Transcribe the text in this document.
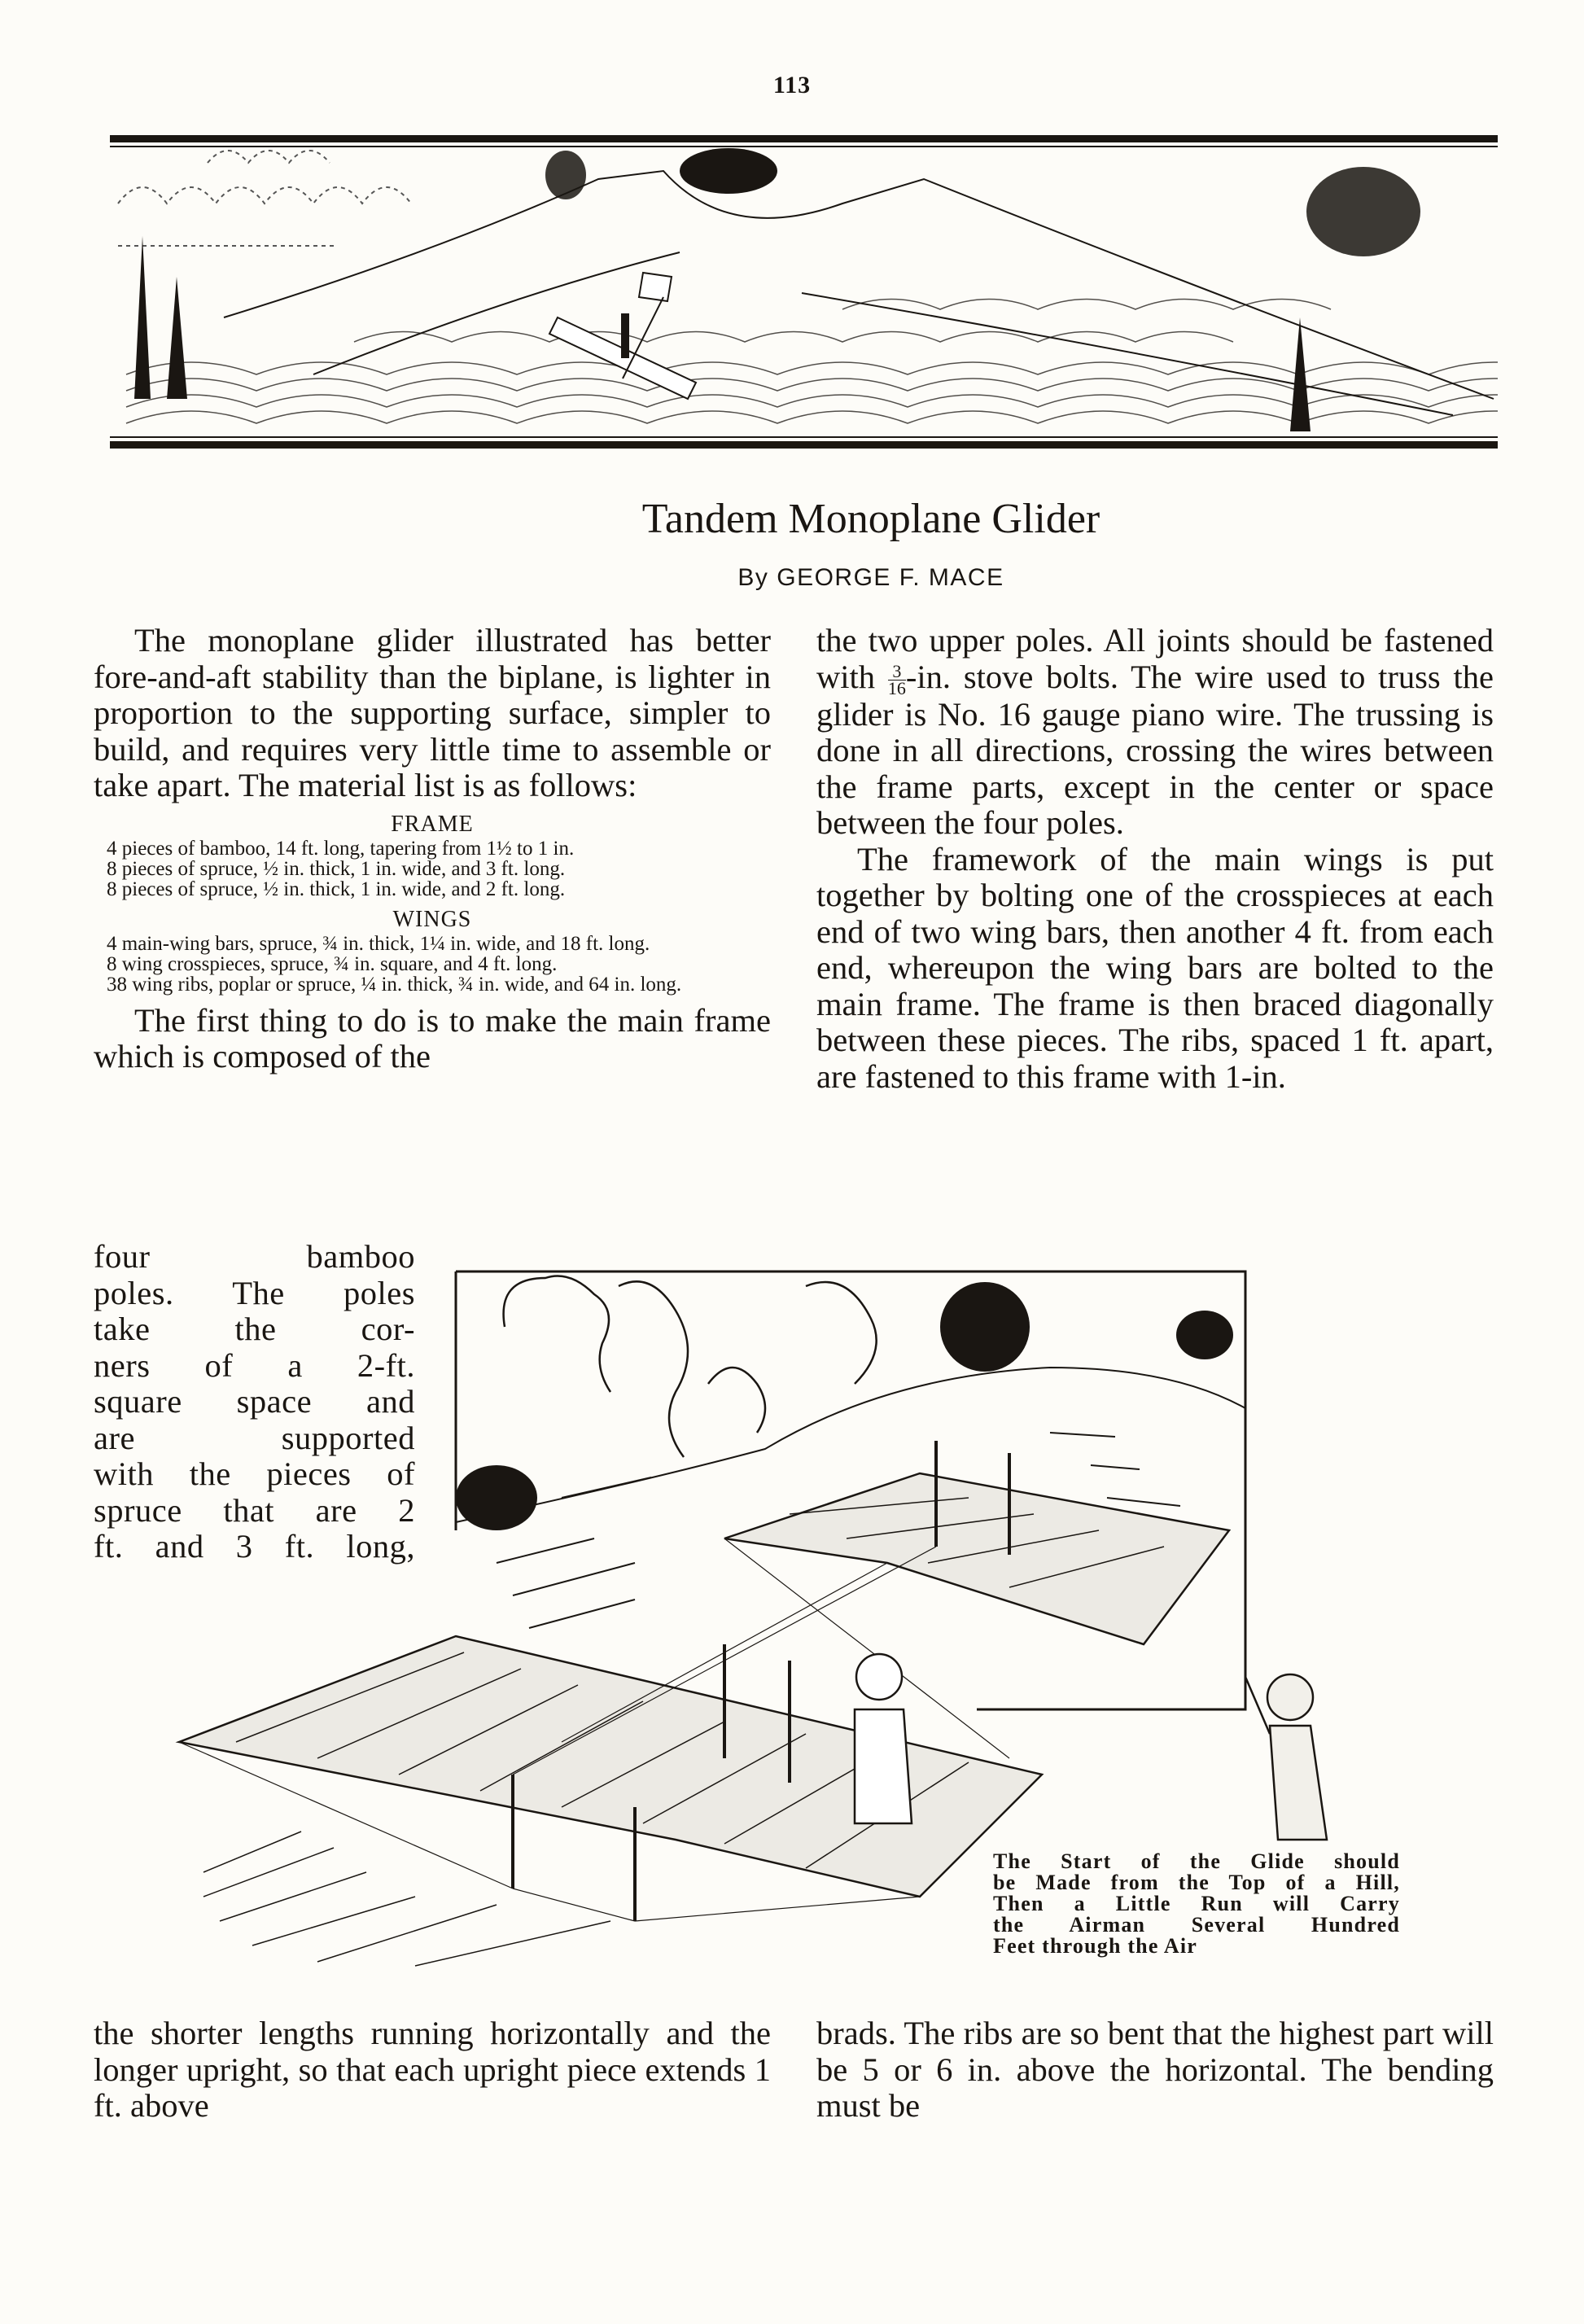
113
Tandem Monoplane Glider
By GEORGE F. MACE

The monoplane glider illustrated has better fore-and-aft stability than the biplane, is lighter in proportion to the supporting surface, simpler to build, and requires very little time to assemble or take apart. The material list is as follows:

FRAME
4 pieces of bamboo, 14 ft. long, tapering from 1½ to 1 in.
8 pieces of spruce, ½ in. thick, 1 in. wide, and 3 ft. long.
8 pieces of spruce, ½ in. thick, 1 in. wide, and 2 ft. long.
WINGS
4 main-wing bars, spruce, ¾ in. thick, 1¼ in. wide, and 18 ft. long.
8 wing crosspieces, spruce, ¾ in. square, and 4 ft. long.
38 wing ribs, poplar or spruce, ¼ in. thick, ¾ in. wide, and 64 in. long.

The first thing to do is to make the main frame which is composed of the

four bamboo
poles. The poles
take the cor-
ners of a 2-ft.
square space and
are supported
with the pieces of
spruce that are 2
ft. and 3 ft. long,

the two upper poles. All joints should be fastened with $\frac{3}{16} -in$. stove bolts. The wire used to truss the glider is No. 16 gauge piano wire. The trussing is done in all directions, crossing the wires between the frame parts, except in the center or space between the four poles.

The framework of the main wings is put together by bolting one of the crosspieces at each end of two wing bars, then another 4 ft. from each end, whereupon the wing bars are bolted to the main frame. The frame is then braced diagonally between these pieces. The ribs, spaced 1 ft. apart, are fastened to this frame with 1-in.

The Start of the Glide should
be Made from the Top of a Hill,
Then a Little Run will Carry
the Airman Several Hundred
Feet through the Air
the shorter lengths running horizontally and the longer upright, so that each upright piece extends 1 ft. above
brads. The ribs are so bent that the highest part will be 5 or 6 in. above the horizontal. The bending must be
